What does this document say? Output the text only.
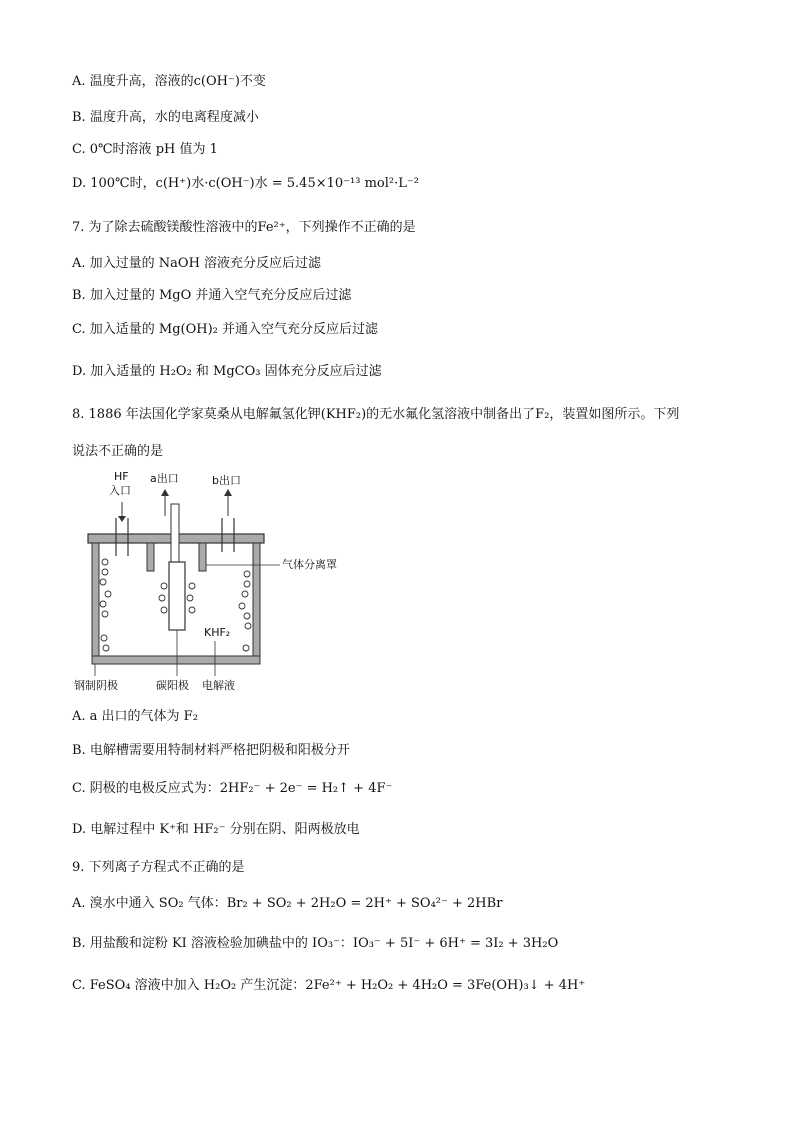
A. 温度升高，溶液的c(OH⁻)不变
B. 温度升高，水的电离程度减小
C. 0℃时溶液 pH 值为 1
D. 100℃时，c(H⁺)水·c(OH⁻)水 = 5.45×10⁻¹³ mol²·L⁻²
7. 为了除去硫酸镁酸性溶液中的Fe²⁺，下列操作不正确的是
A. 加入过量的 NaOH 溶液充分反应后过滤
B. 加入过量的 MgO 并通入空气充分反应后过滤
C. 加入适量的 Mg(OH)₂ 并通入空气充分反应后过滤
D. 加入适量的 H₂O₂ 和 MgCO₃ 固体充分反应后过滤
8. 1886 年法国化学家莫桑从电解氟氢化钾(KHF₂)的无水氟化氢溶液中制备出了F₂，装置如图所示。下列
说法不正确的是
HF
入口
a出口	b出口
气体分离罩
KHF₂
钢制阴极	碳阳极 电解液
A. a 出口的气体为 F₂
B. 电解槽需要用特制材料严格把阴极和阳极分开
C. 阴极的电极反应式为：2HF₂⁻ + 2e⁻ = H₂↑ + 4F⁻
D. 电解过程中 K⁺和 HF₂⁻ 分别在阴、阳两极放电
9. 下列离子方程式不正确的是
A. 溴水中通入 SO₂ 气体：Br₂ + SO₂ + 2H₂O = 2H⁺ + SO₄²⁻ + 2HBr
B. 用盐酸和淀粉 KI 溶液检验加碘盐中的 IO₃⁻：IO₃⁻ + 5I⁻ + 6H⁺ = 3I₂ + 3H₂O
C. FeSO₄ 溶液中加入 H₂O₂ 产生沉淀：2Fe²⁺ + H₂O₂ + 4H₂O = 3Fe(OH)₃↓ + 4H⁺
